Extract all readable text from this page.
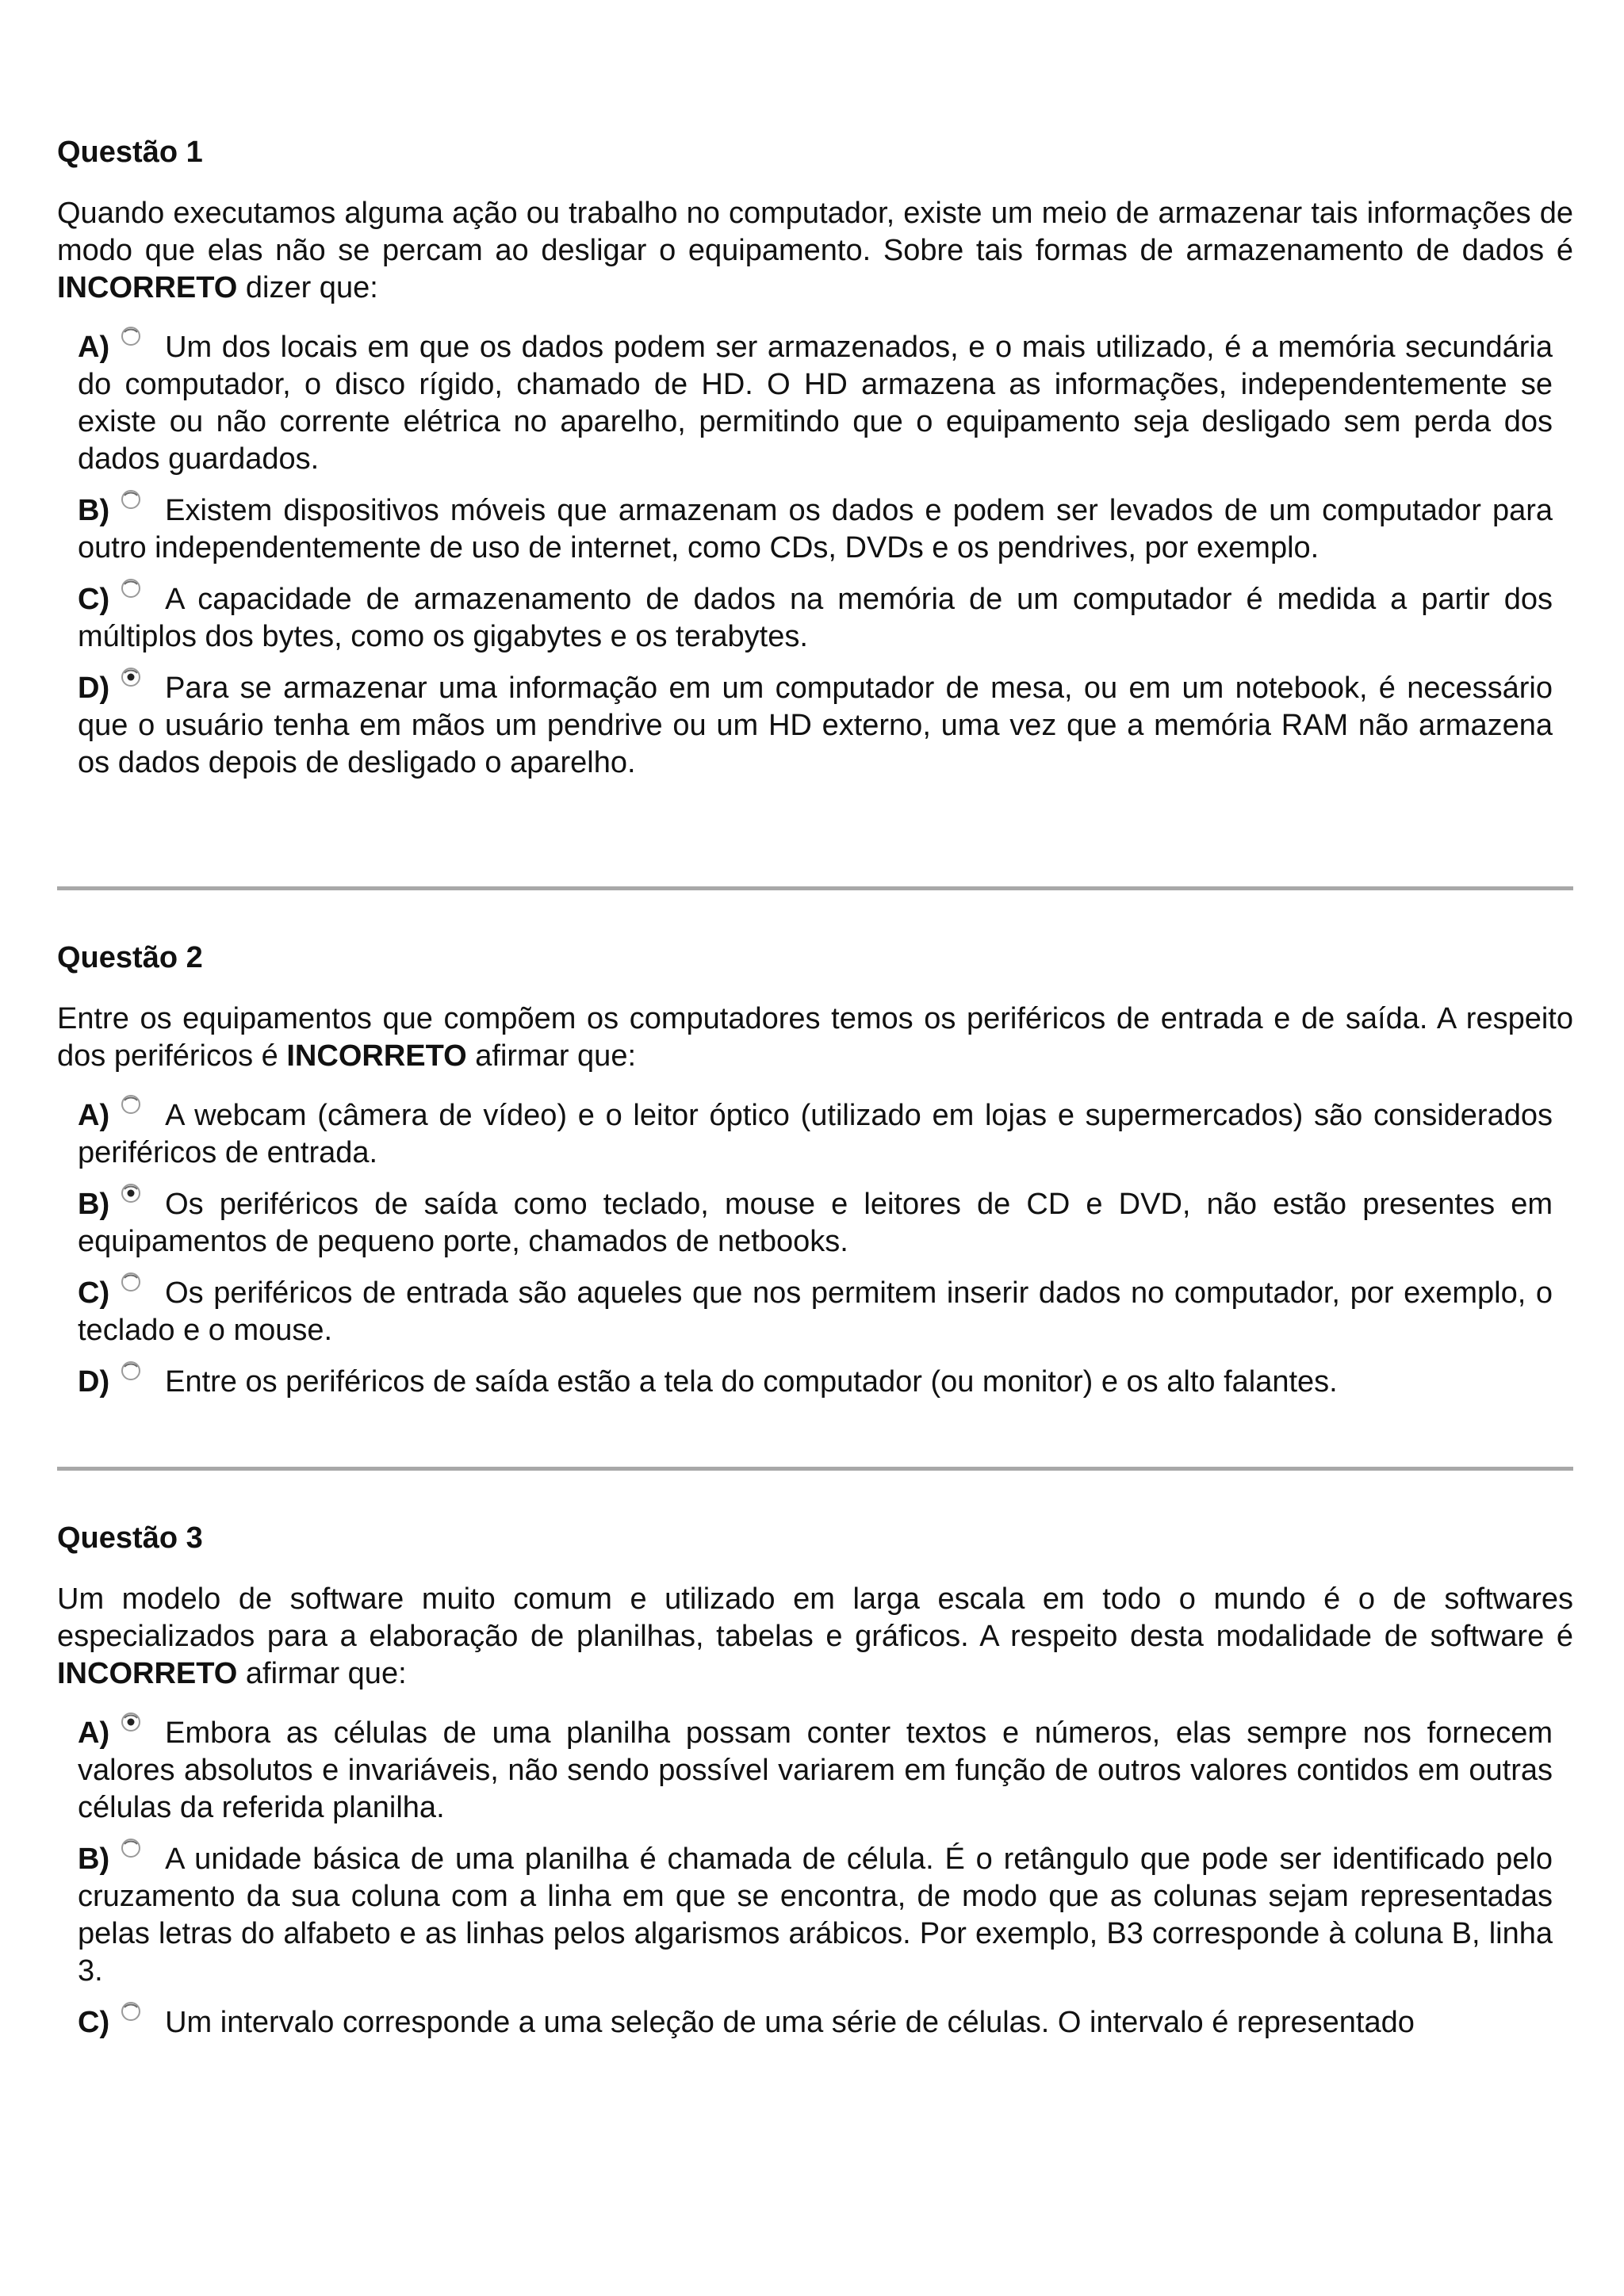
Questão 1
Quando executamos alguma ação ou trabalho no computador, existe um meio de armazenar tais informações de modo que elas não se percam ao desligar o equipamento. Sobre tais formas de armazenamento de dados é INCORRETO dizer que:
A) Um dos locais em que os dados podem ser armazenados, e o mais utilizado, é a memória secundária do computador, o disco rígido, chamado de HD. O HD armazena as informações, independentemente se existe ou não corrente elétrica no aparelho, permitindo que o equipamento seja desligado sem perda dos dados guardados.
B) Existem dispositivos móveis que armazenam os dados e podem ser levados de um computador para outro independentemente de uso de internet, como CDs, DVDs e os pendrives, por exemplo.
C) A capacidade de armazenamento de dados na memória de um computador é medida a partir dos múltiplos dos bytes, como os gigabytes e os terabytes.
D) Para se armazenar uma informação em um computador de mesa, ou em um notebook, é necessário que o usuário tenha em mãos um pendrive ou um HD externo, uma vez que a memória RAM não armazena os dados depois de desligado o aparelho.
Questão 2
Entre os equipamentos que compõem os computadores temos os periféricos de entrada e de saída. A respeito dos periféricos é INCORRETO afirmar que:
A) A webcam (câmera de vídeo) e o leitor óptico (utilizado em lojas e supermercados) são considerados periféricos de entrada.
B) Os periféricos de saída como teclado, mouse e leitores de CD e DVD, não estão presentes em equipamentos de pequeno porte, chamados de netbooks.
C) Os periféricos de entrada são aqueles que nos permitem inserir dados no computador, por exemplo, o teclado e o mouse.
D) Entre os periféricos de saída estão a tela do computador (ou monitor) e os alto falantes.
Questão 3
Um modelo de software muito comum e utilizado em larga escala em todo o mundo é o de softwares especializados para a elaboração de planilhas, tabelas e gráficos. A respeito desta modalidade de software é INCORRETO afirmar que:
A) Embora as células de uma planilha possam conter textos e números, elas sempre nos fornecem valores absolutos e invariáveis, não sendo possível variarem em função de outros valores contidos em outras células da referida planilha.
B) A unidade básica de uma planilha é chamada de célula. É o retângulo que pode ser identificado pelo cruzamento da sua coluna com a linha em que se encontra, de modo que as colunas sejam representadas pelas letras do alfabeto e as linhas pelos algarismos arábicos. Por exemplo, B3 corresponde à coluna B, linha 3.
C) Um intervalo corresponde a uma seleção de uma série de células. O intervalo é representado
